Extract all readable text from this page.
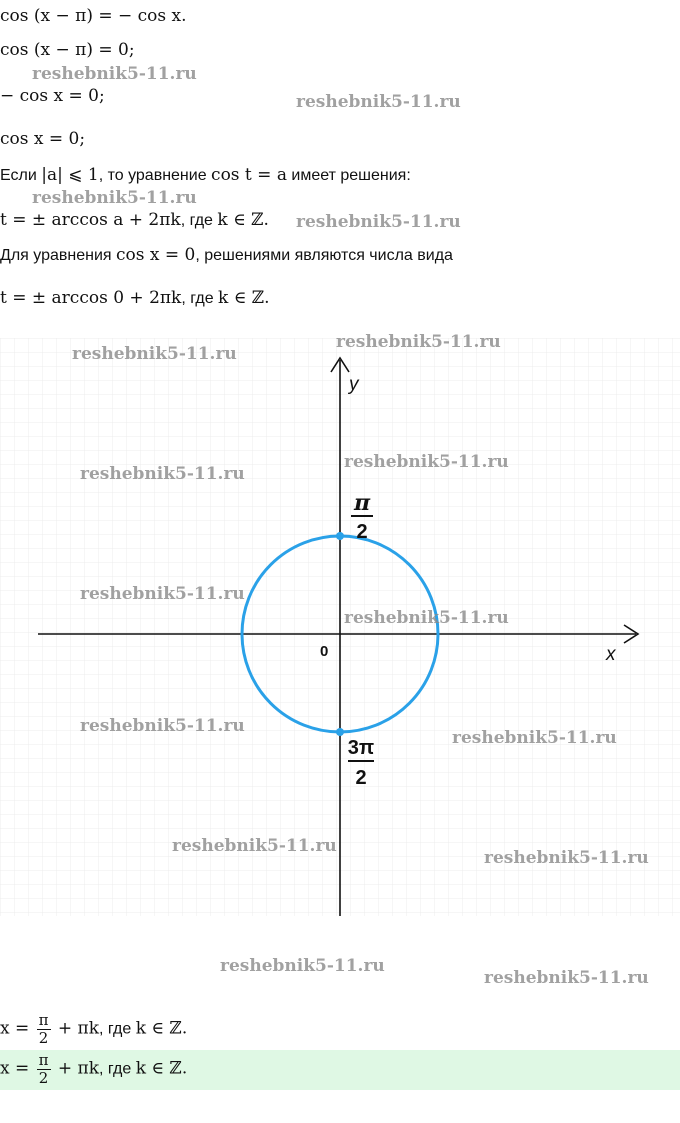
cos (x − π) = − cos x.
cos (x − π) = 0;
− cos x = 0;
cos x = 0;
Если |a| ⩽ 1, то уравнение cos t = a имеет решения:
t = ± arccos a + 2πk, где k ∈ ℤ.
Для уравнения cos x = 0, решениями являются числа вида
t = ± arccos 0 + 2πk, где k ∈ ℤ.
y
x
0
π
2
3π
2
$x = \frac{\pi}{2} + \pi k$, где k ∈ ℤ.
$x = \frac{\pi}{2} + \pi k$, где k ∈ ℤ.
reshebnik5-11.ru
reshebnik5-11.ru
reshebnik5-11.ru
reshebnik5-11.ru
reshebnik5-11.ru
reshebnik5-11.ru
reshebnik5-11.ru
reshebnik5-11.ru
reshebnik5-11.ru
reshebnik5-11.ru
reshebnik5-11.ru
reshebnik5-11.ru
reshebnik5-11.ru
reshebnik5-11.ru
reshebnik5-11.ru
reshebnik5-11.ru
